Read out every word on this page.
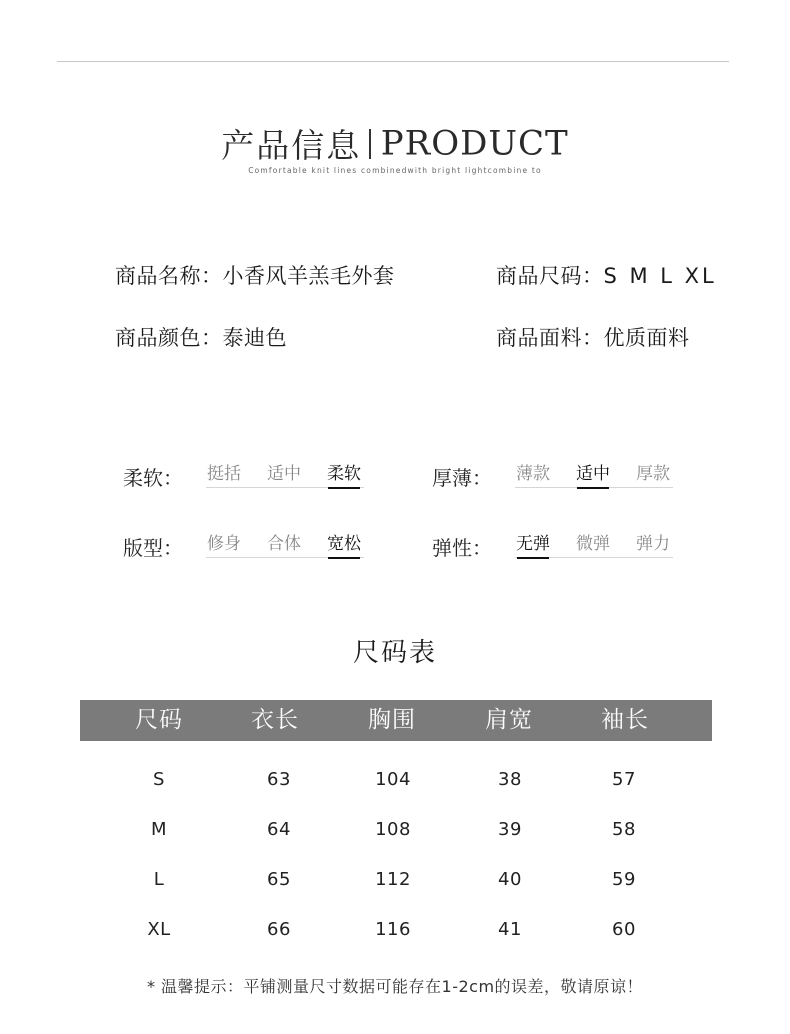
产品信息 PRODUCT
Comfortable knit lines combinedwith bright lightcombine to
商品名称：小香风羊羔毛外套	商品尺码：S M L XL
商品颜色：泰迪色	商品面料：优质面料
柔软： 挺括 适中 柔软	厚薄： 薄款 适中 厚款
版型： 修身 合体 宽松	弹性： 无弹 微弹 弹力
尺码表
尺码	衣长	胸围	肩宽	袖长
S	63	104	38	57
M	64	108	39	58
L	65	112	40	59
XL	66	116	41	60
* 温馨提示：平铺测量尺寸数据可能存在1-2cm的误差，敬请原谅！
